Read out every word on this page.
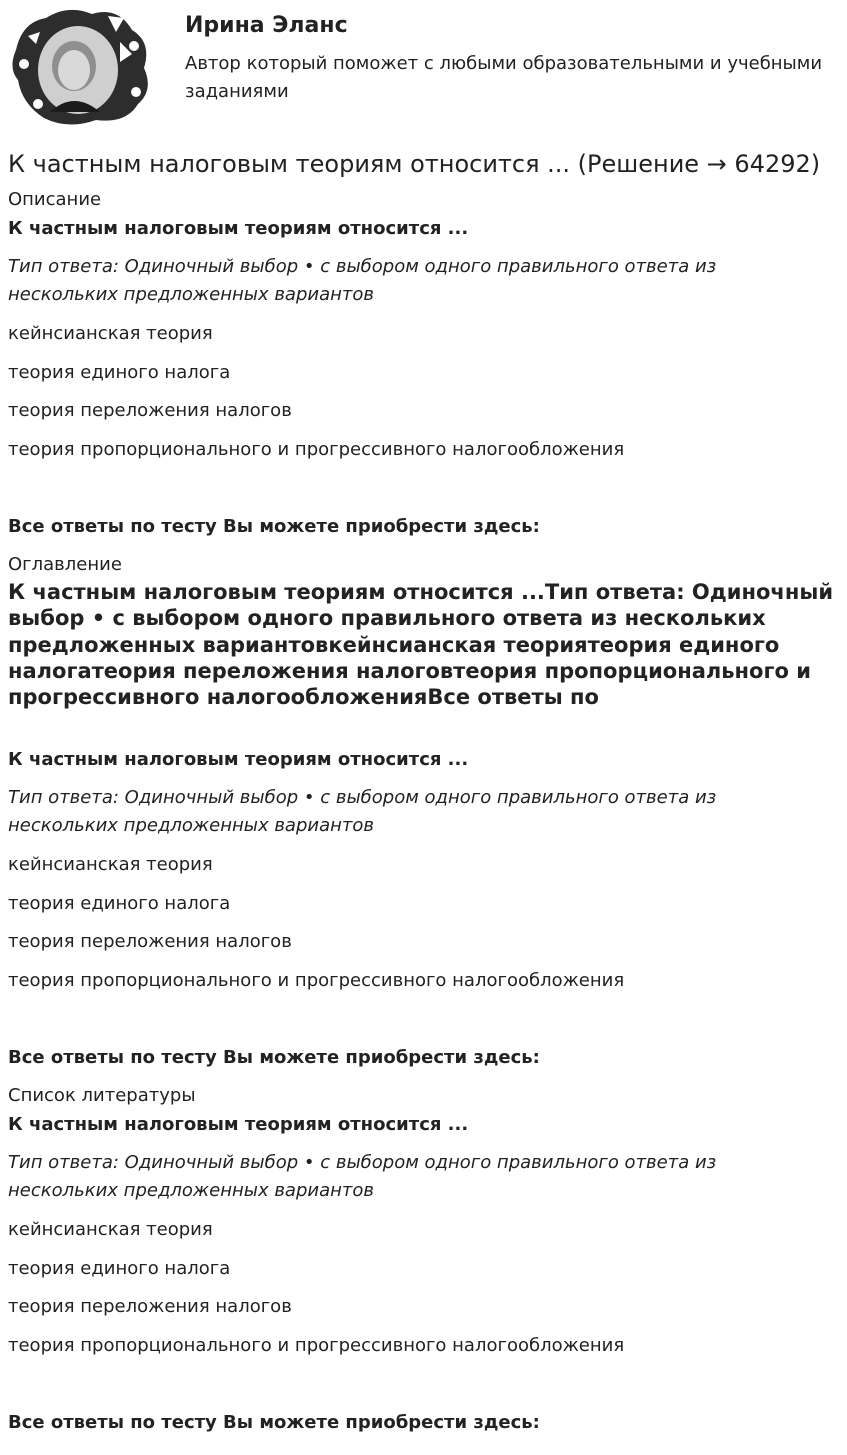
Ирина Эланс
Автор который поможет с любыми образовательными и учебными заданиями
К частным налоговым теориям относится ... (Решение → 64292)
Описание
К частным налоговым теориям относится ...
Тип ответа: Одиночный выбор • с выбором одного правильного ответа из нескольких предложенных вариантов
кейнсианская теория
теория единого налога
теория переложения налогов
теория пропорционального и прогрессивного налогообложения
Все ответы по тесту Вы можете приобрести здесь:
Оглавление
К частным налоговым теориям относится ...Тип ответа: Одиночный выбор • с выбором одного правильного ответа из нескольких предложенных вариантовкейнсианская теориятеория единого налогатеория переложения налоговтеория пропорционального и прогрессивного налогообложенияВсе ответы по
К частным налоговым теориям относится ...
Тип ответа: Одиночный выбор • с выбором одного правильного ответа из нескольких предложенных вариантов
кейнсианская теория
теория единого налога
теория переложения налогов
теория пропорционального и прогрессивного налогообложения
Все ответы по тесту Вы можете приобрести здесь:
Список литературы
К частным налоговым теориям относится ...
Тип ответа: Одиночный выбор • с выбором одного правильного ответа из нескольких предложенных вариантов
кейнсианская теория
теория единого налога
теория переложения налогов
теория пропорционального и прогрессивного налогообложения
Все ответы по тесту Вы можете приобрести здесь:
